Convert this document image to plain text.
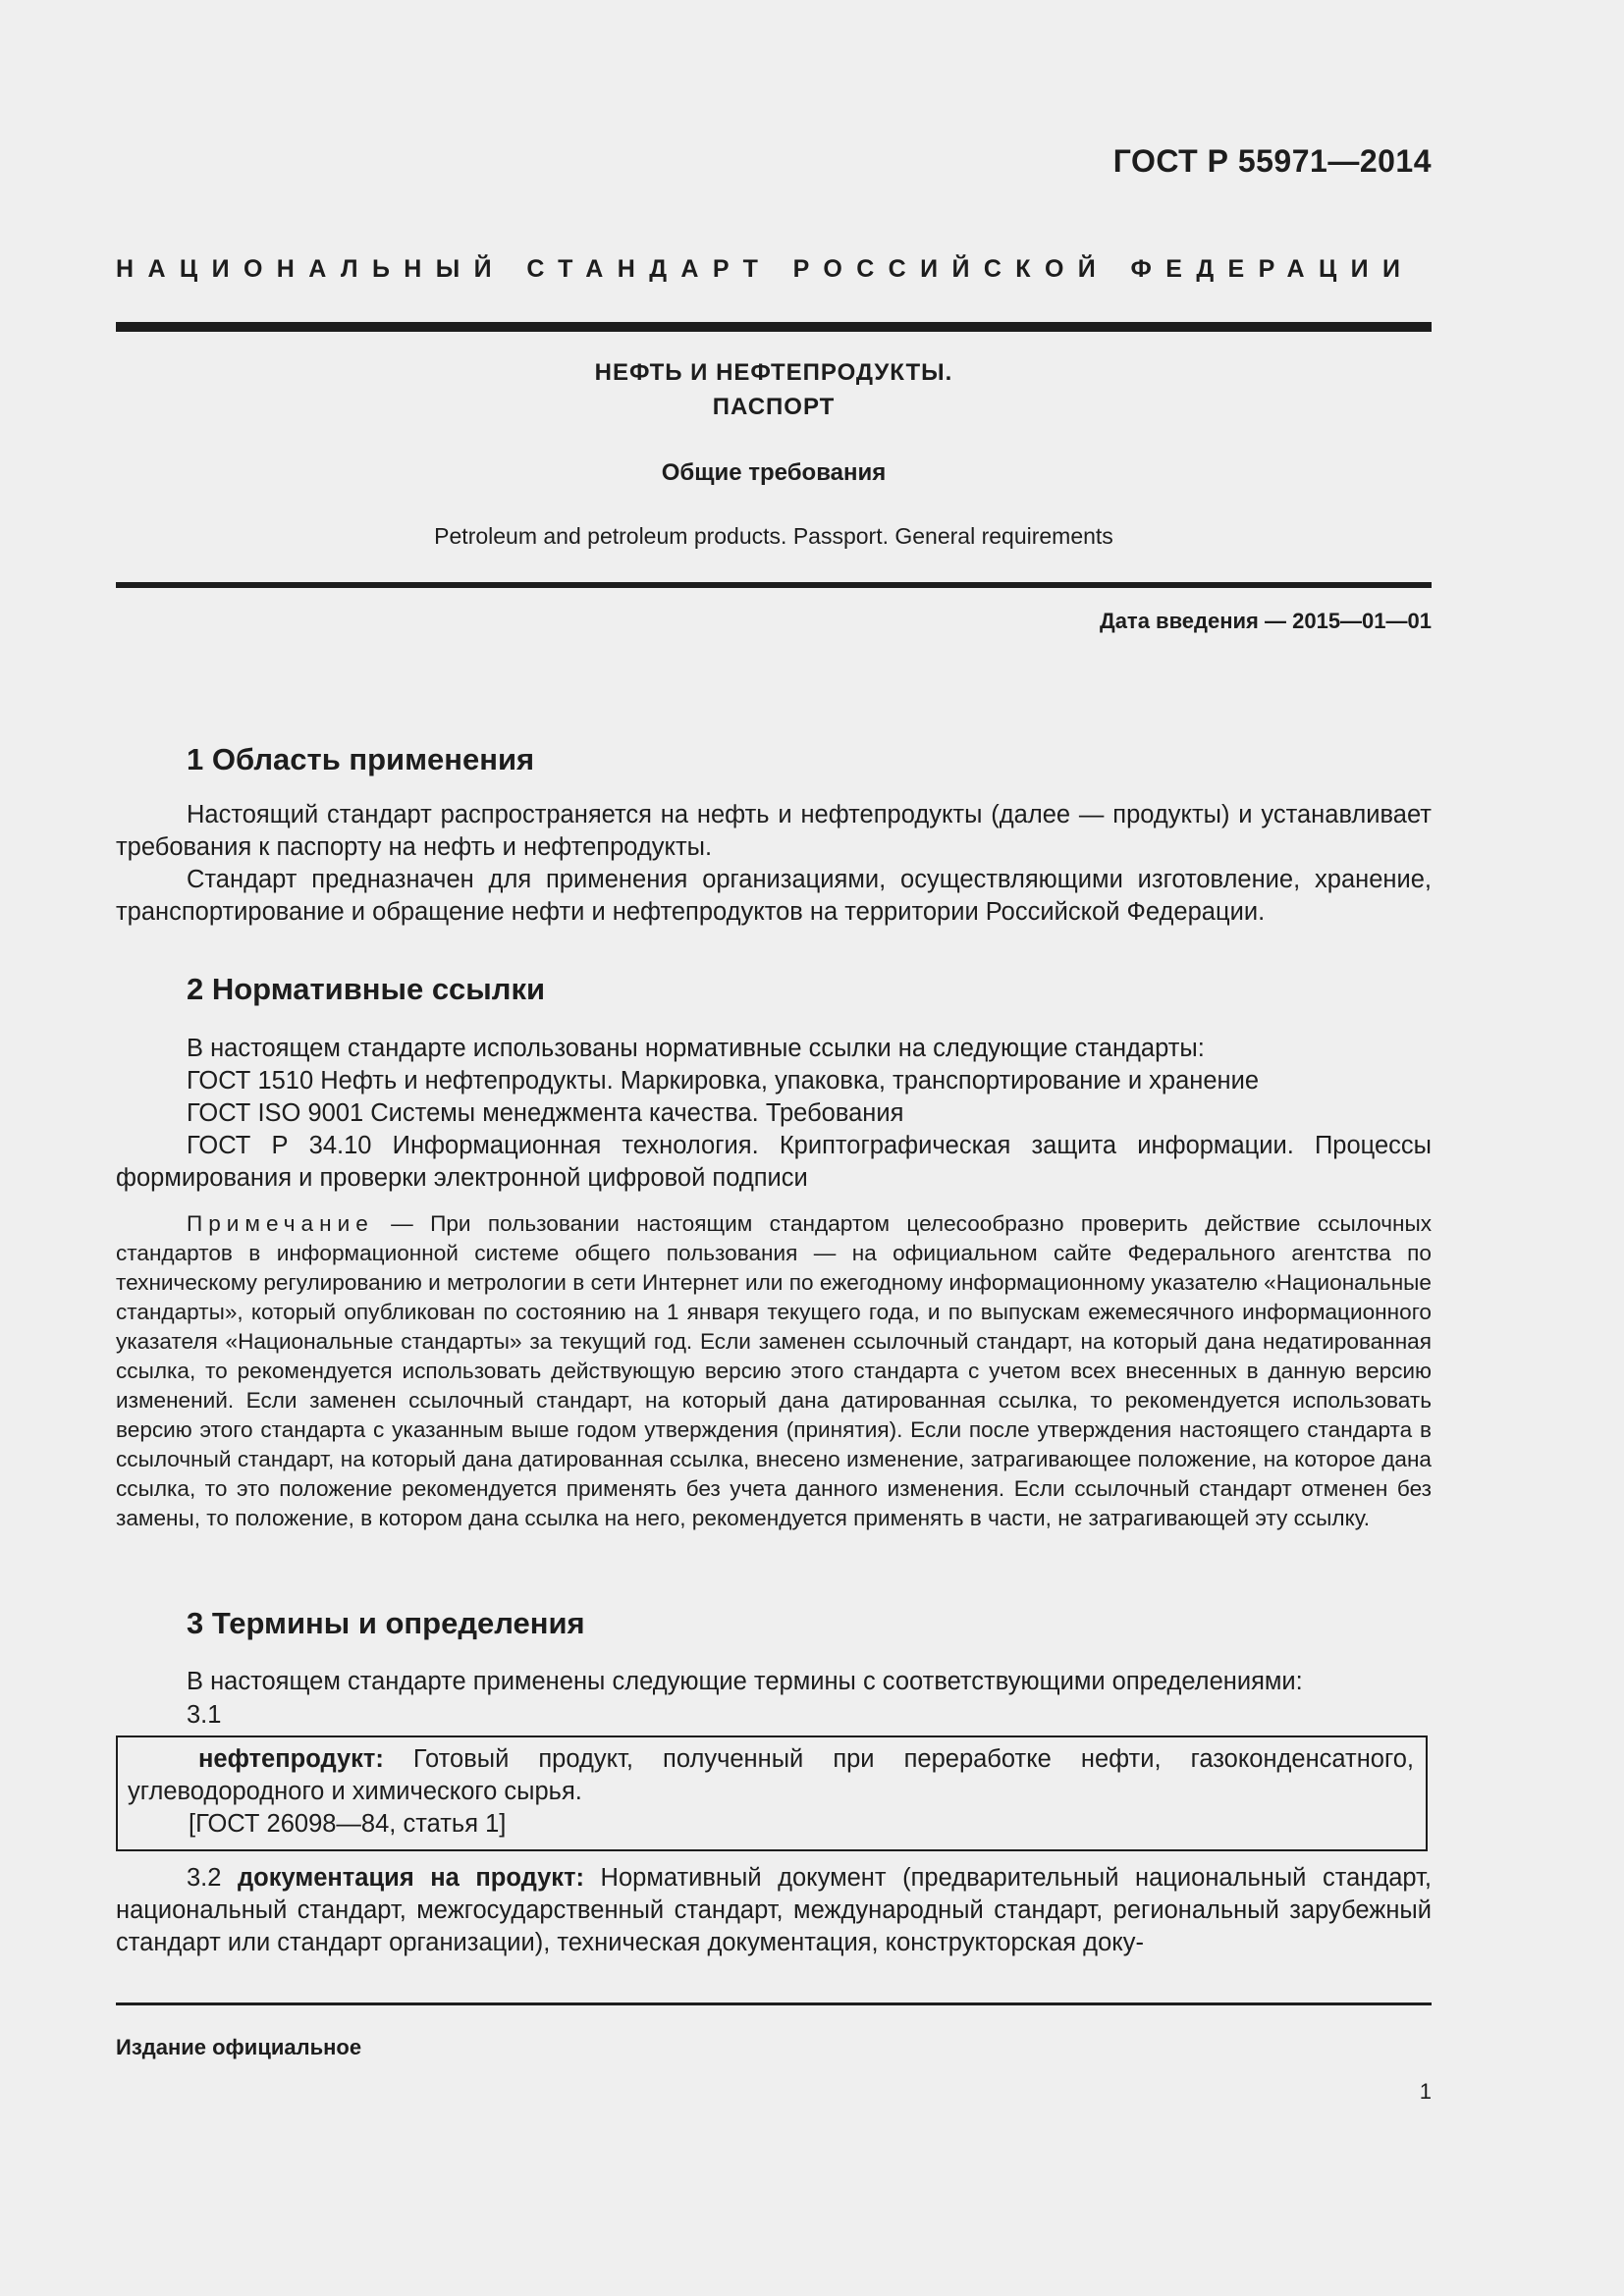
ГОСТ Р 55971—2014
НАЦИОНАЛЬНЫЙ СТАНДАРТ РОССИЙСКОЙ ФЕДЕРАЦИИ
НЕФТЬ И НЕФТЕПРОДУКТЫ.
ПАСПОРТ
Общие требования
Petroleum and petroleum products. Passport. General requirements
Дата введения — 2015—01—01
1 Область применения
Настоящий стандарт распространяется на нефть и нефтепродукты (далее — продукты) и устанавливает требования к паспорту на нефть и нефтепродукты.
Стандарт предназначен для применения организациями, осуществляющими изготовление, хранение, транспортирование и обращение нефти и нефтепродуктов на территории Российской Федерации.
2 Нормативные ссылки
В настоящем стандарте использованы нормативные ссылки на следующие стандарты:
ГОСТ 1510 Нефть и нефтепродукты. Маркировка, упаковка, транспортирование и хранение
ГОСТ ISO 9001 Системы менеджмента качества. Требования
ГОСТ Р 34.10 Информационная технология. Криптографическая защита информации. Процессы формирования и проверки электронной цифровой подписи
Примечание — При пользовании настоящим стандартом целесообразно проверить действие ссылочных стандартов в информационной системе общего пользования — на официальном сайте Федерального агентства по техническому регулированию и метрологии в сети Интернет или по ежегодному информационному указателю «Национальные стандарты», который опубликован по состоянию на 1 января текущего года, и по выпускам ежемесячного информационного указателя «Национальные стандарты» за текущий год. Если заменен ссылочный стандарт, на который дана недатированная ссылка, то рекомендуется использовать действующую версию этого стандарта с учетом всех внесенных в данную версию изменений. Если заменен ссылочный стандарт, на который дана датированная ссылка, то рекомендуется использовать версию этого стандарта с указанным выше годом утверждения (принятия). Если после утверждения настоящего стандарта в ссылочный стандарт, на который дана датированная ссылка, внесено изменение, затрагивающее положение, на которое дана ссылка, то это положение рекомендуется применять без учета данного изменения. Если ссылочный стандарт отменен без замены, то положение, в котором дана ссылка на него, рекомендуется применять в части, не затрагивающей эту ссылку.
3 Термины и определения
В настоящем стандарте применены следующие термины с соответствующими определениями:
3.1
нефтепродукт: Готовый продукт, полученный при переработке нефти, газоконденсатного, углеводородного и химического сырья.
[ГОСТ 26098—84, статья 1]
3.2 документация на продукт: Нормативный документ (предварительный национальный стандарт, национальный стандарт, межгосударственный стандарт, международный стандарт, региональный зарубежный стандарт или стандарт организации), техническая документация, конструкторская доку-
Издание официальное
1
